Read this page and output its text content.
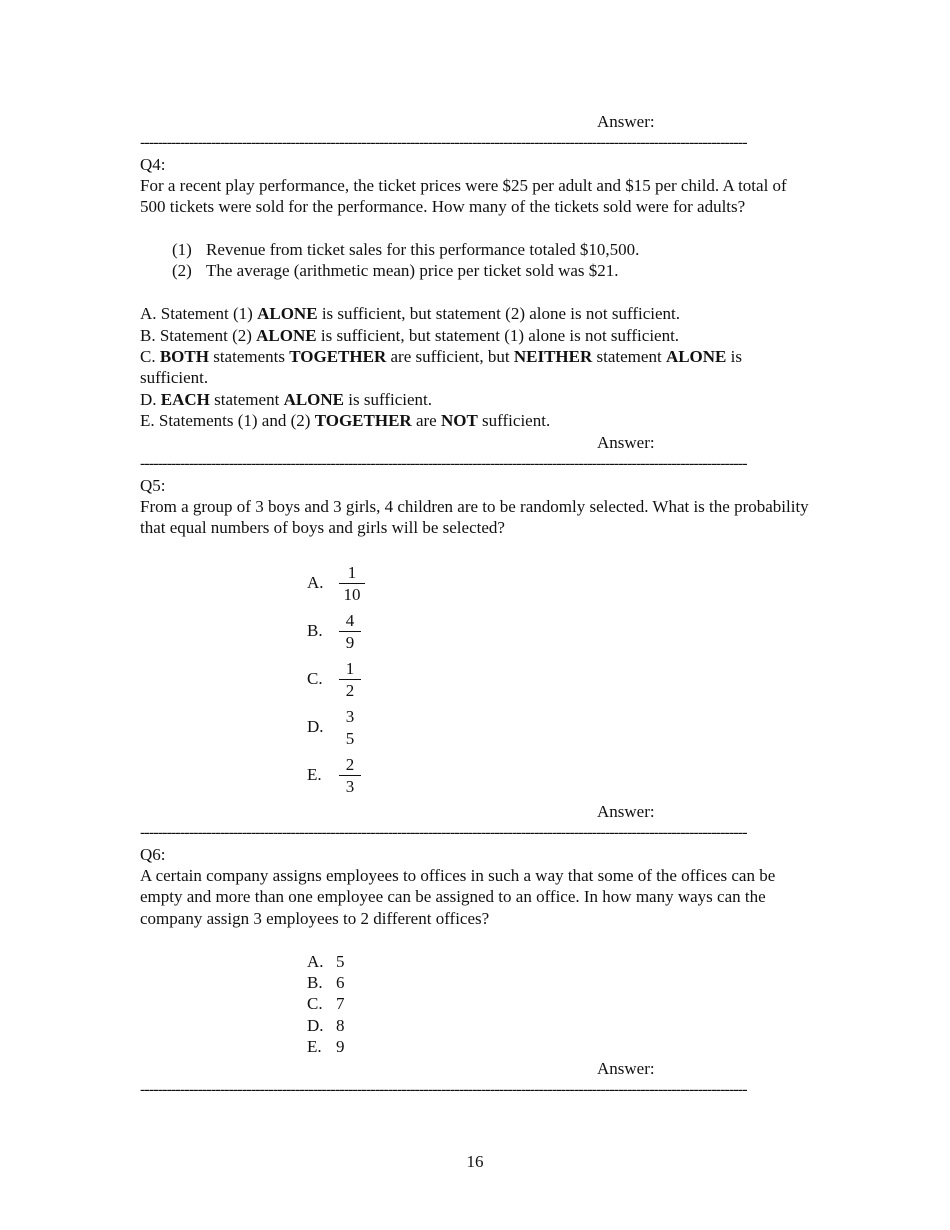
Answer:
-----------------------------------------------------------------------------------------------------------------------------------------
Q4:
For a recent play performance, the ticket prices were $25 per adult and $15 per child. A total of 500 tickets were sold for the performance. How many of the tickets sold were for adults?
(1) Revenue from ticket sales for this performance totaled $10,500.
(2) The average (arithmetic mean) price per ticket sold was $21.
A. Statement (1) ALONE is sufficient, but statement (2) alone is not sufficient.
B. Statement (2) ALONE is sufficient, but statement (1) alone is not sufficient.
C. BOTH statements TOGETHER are sufficient, but NEITHER statement ALONE is sufficient.
D. EACH statement ALONE is sufficient.
E. Statements (1) and (2) TOGETHER are NOT sufficient.
Answer:
-----------------------------------------------------------------------------------------------------------------------------------------
Q5:
From a group of 3 boys and 3 girls, 4 children are to be randomly selected. What is the probability that equal numbers of boys and girls will be selected?
A.
1
10
B.
4
9
C.
1
2
D.
3
5
E.
2
3
Answer:
-----------------------------------------------------------------------------------------------------------------------------------------
Q6:
A certain company assigns employees to offices in such a way that some of the offices can be empty and more than one employee can be assigned to an office. In how many ways can the company assign 3 employees to 2 different offices?
A. 5
B. 6
C. 7
D. 8
E. 9
Answer:
-----------------------------------------------------------------------------------------------------------------------------------------
16
